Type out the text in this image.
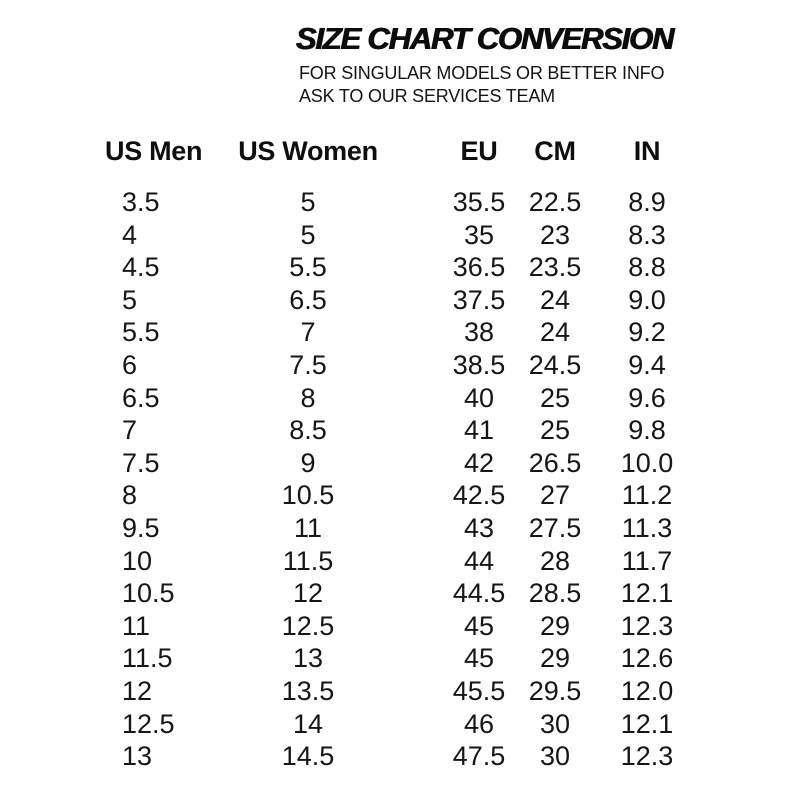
SIZE CHART CONVERSION

FOR SINGULAR MODELS OR BETTER INFO
ASK TO OUR SERVICES TEAM

US Men
3.5
4
4.5
5
5.5
6
6.5
7
7.5
8
9.5
10
10.5
11
11.5
12
12.5
13
US Women
5
5
5.5
6.5
7
7.5
8
8.5
9
10.5
11
11.5
12
12.5
13
13.5
14
14.5
EU
35.5
35
36.5
37.5
38
38.5
40
41
42
42.5
43
44
44.5
45
45
45.5
46
47.5
CM
22.5
23
23.5
24
24
24.5
25
25
26.5
27
27.5
28
28.5
29
29
29.5
30
30
IN
8.9
8.3
8.8
9.0
9.2
9.4
9.6
9.8
10.0
11.2
11.3
11.7
12.1
12.3
12.6
12.0
12.1
12.3
